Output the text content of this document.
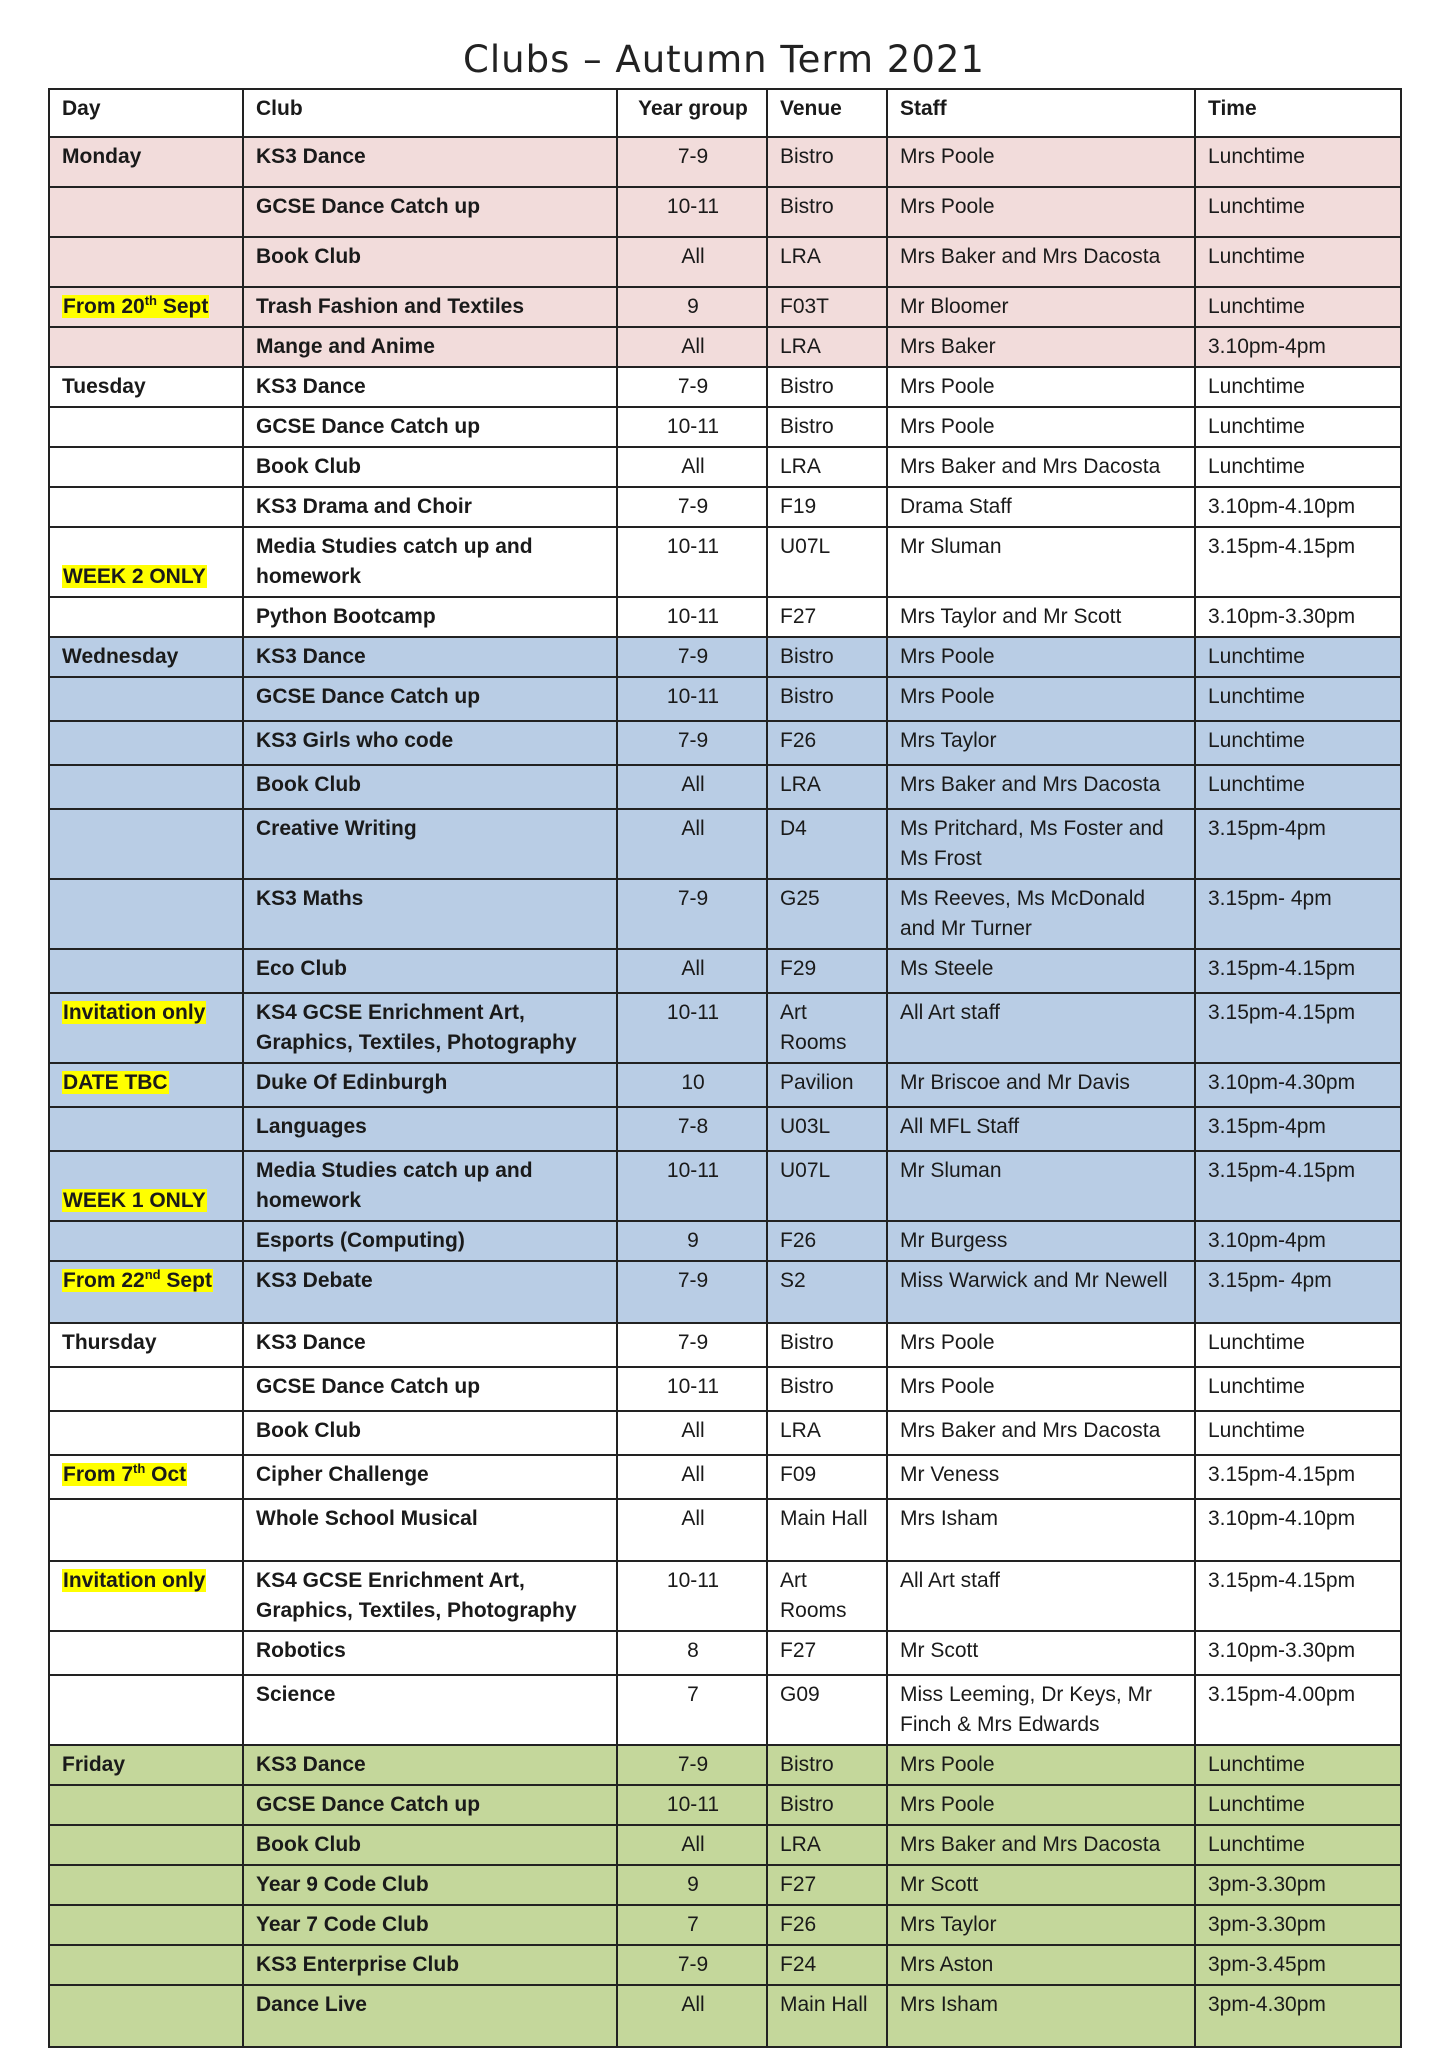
Clubs – Autumn Term 2021
Day	Club	Year group	Venue	Staff	Time
Monday	KS3 Dance	7-9	Bistro	Mrs Poole	Lunchtime
	GCSE Dance Catch up	10-11	Bistro	Mrs Poole	Lunchtime
	Book Club	All	LRA	Mrs Baker and Mrs Dacosta	Lunchtime
From 20th Sept	Trash Fashion and Textiles	9	F03T	Mr Bloomer	Lunchtime
	Mange and Anime	All	LRA	Mrs Baker	3.10pm-4pm
Tuesday	KS3 Dance	7-9	Bistro	Mrs Poole	Lunchtime
	GCSE Dance Catch up	10-11	Bistro	Mrs Poole	Lunchtime
	Book Club	All	LRA	Mrs Baker and Mrs Dacosta	Lunchtime
	KS3 Drama and Choir	7-9	F19	Drama Staff	3.10pm-4.10pm
WEEK 2 ONLY	Media Studies catch up and homework	10-11	U07L	Mr Sluman	3.15pm-4.15pm
	Python Bootcamp	10-11	F27	Mrs Taylor and Mr Scott	3.10pm-3.30pm
Wednesday	KS3 Dance	7-9	Bistro	Mrs Poole	Lunchtime
	GCSE Dance Catch up	10-11	Bistro	Mrs Poole	Lunchtime
	KS3 Girls who code	7-9	F26	Mrs Taylor	Lunchtime
	Book Club	All	LRA	Mrs Baker and Mrs Dacosta	Lunchtime
	Creative Writing	All	D4	Ms Pritchard, Ms Foster and Ms Frost	3.15pm-4pm
	KS3 Maths	7-9	G25	Ms Reeves, Ms McDonald and Mr Turner	3.15pm- 4pm
	Eco Club	All	F29	Ms Steele	3.15pm-4.15pm
Invitation only	KS4 GCSE Enrichment Art, Graphics, Textiles, Photography	10-11	Art Rooms	All Art staff	3.15pm-4.15pm
DATE TBC	Duke Of Edinburgh	10	Pavilion	Mr Briscoe and Mr Davis	3.10pm-4.30pm
	Languages	7-8	U03L	All MFL Staff	3.15pm-4pm
WEEK 1 ONLY	Media Studies catch up and homework	10-11	U07L	Mr Sluman	3.15pm-4.15pm
	Esports (Computing)	9	F26	Mr Burgess	3.10pm-4pm
From 22nd Sept	KS3 Debate	7-9	S2	Miss Warwick and Mr Newell	3.15pm- 4pm
Thursday	KS3 Dance	7-9	Bistro	Mrs Poole	Lunchtime
	GCSE Dance Catch up	10-11	Bistro	Mrs Poole	Lunchtime
	Book Club	All	LRA	Mrs Baker and Mrs Dacosta	Lunchtime
From 7th Oct	Cipher Challenge	All	F09	Mr Veness	3.15pm-4.15pm
	Whole School Musical	All	Main Hall	Mrs Isham	3.10pm-4.10pm
Invitation only	KS4 GCSE Enrichment Art, Graphics, Textiles, Photography	10-11	Art Rooms	All Art staff	3.15pm-4.15pm
	Robotics	8	F27	Mr Scott	3.10pm-3.30pm
	Science	7	G09	Miss Leeming, Dr Keys, Mr Finch & Mrs Edwards	3.15pm-4.00pm
Friday	KS3 Dance	7-9	Bistro	Mrs Poole	Lunchtime
	GCSE Dance Catch up	10-11	Bistro	Mrs Poole	Lunchtime
	Book Club	All	LRA	Mrs Baker and Mrs Dacosta	Lunchtime
	Year 9 Code Club	9	F27	Mr Scott	3pm-3.30pm
	Year 7 Code Club	7	F26	Mrs Taylor	3pm-3.30pm
	KS3 Enterprise Club	7-9	F24	Mrs Aston	3pm-3.45pm
	Dance Live	All	Main Hall	Mrs Isham	3pm-4.30pm
